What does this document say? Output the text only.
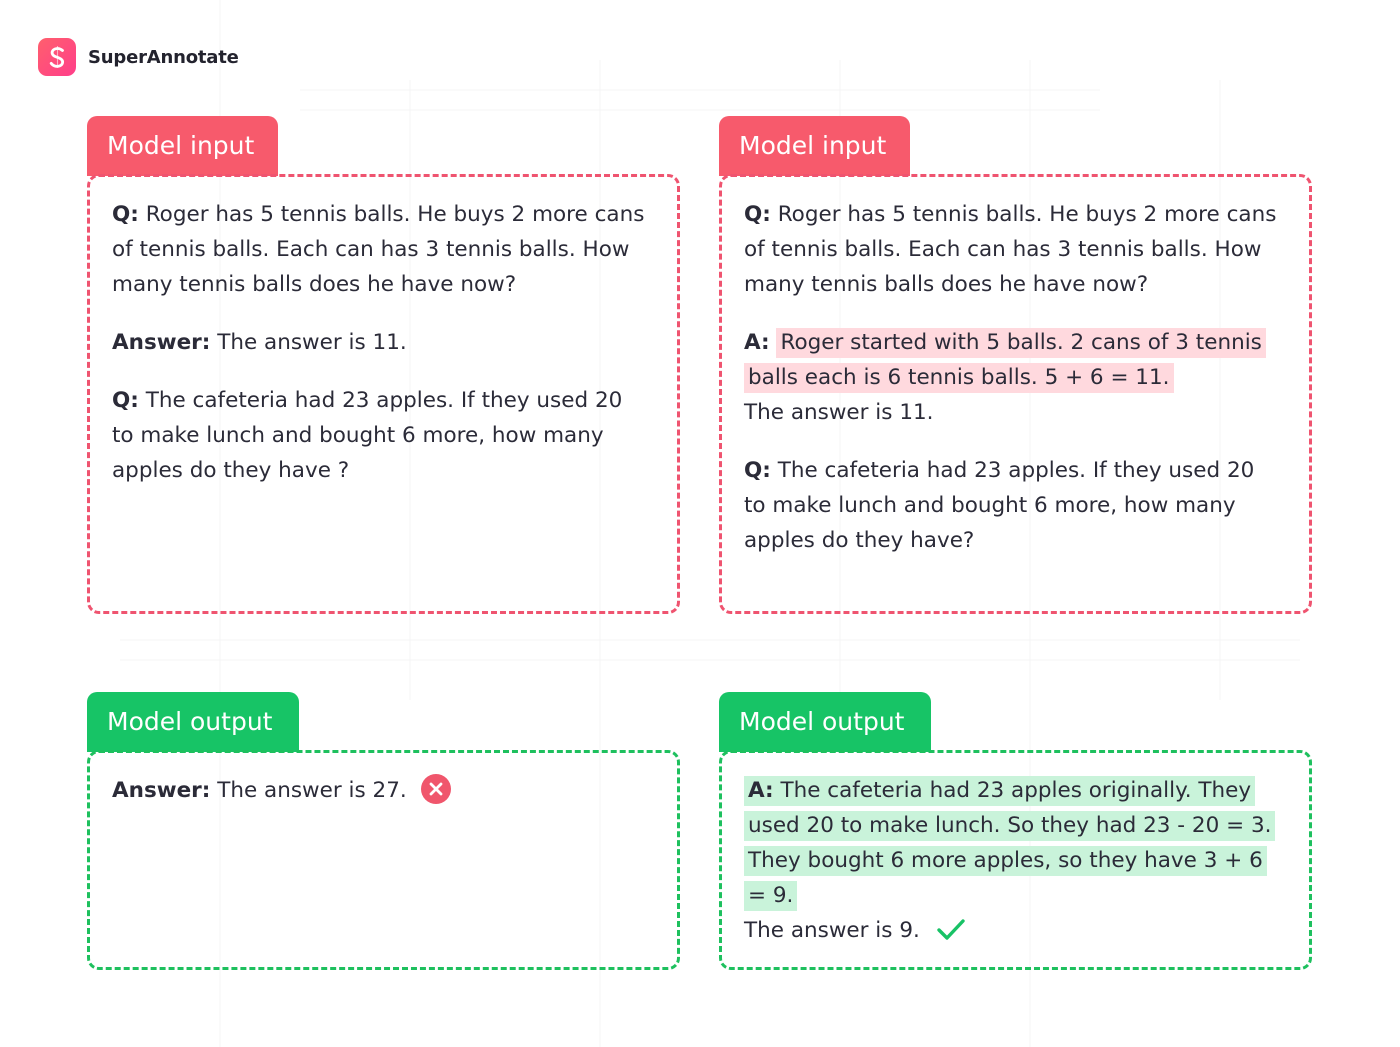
SuperAnnotate
Model input

Q: Roger has 5 tennis balls. He buys 2 more cans of tennis balls. Each can has 3 tennis balls. How many tennis balls does he have now?

Answer: The answer is 11.

Q: The cafeteria had 23 apples. If they used 20 to make lunch and bought 6 more, how many apples do they have ?

Model input

Q: Roger has 5 tennis balls. He buys 2 more cans of tennis balls. Each can has 3 tennis balls. How many tennis balls does he have now?

A: Roger started with 5 balls. 2 cans of 3 tennis balls each is 6 tennis balls. 5 + 6 = 11.
The answer is 11.

Q: The cafeteria had 23 apples. If they used 20 to make lunch and bought 6 more, how many apples do they have?

Model output

Answer: The answer is 27.

Model output

A: The cafeteria had 23 apples originally. They used 20 to make lunch. So they had 23 - 20 = 3. They bought 6 more apples, so they have 3 + 6 = 9.
The answer is 9.
